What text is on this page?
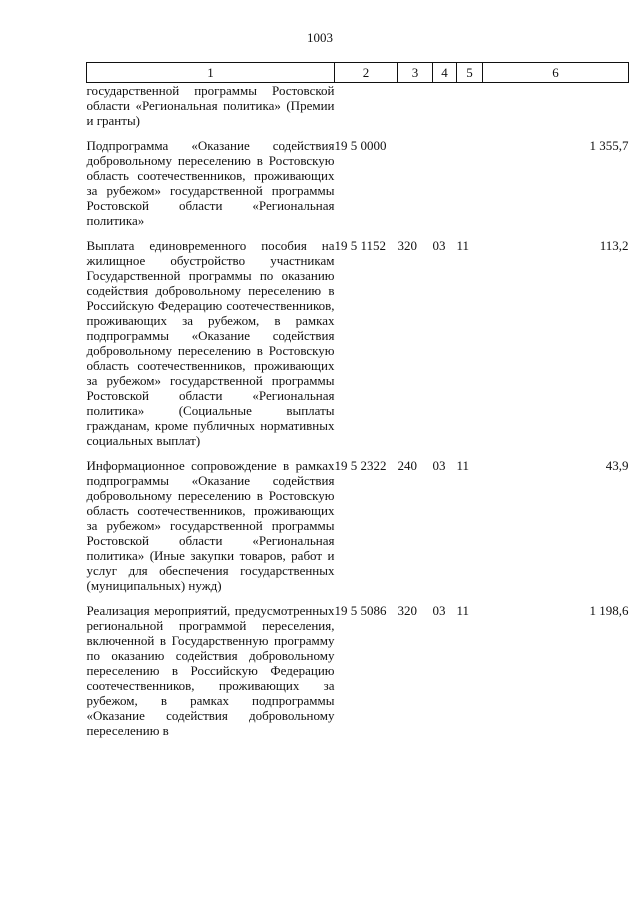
1003
1	2	3	4	5	6
государственной программы Ростовской области «Региональная политика» (Премии и гранты)					
Подпрограмма «Оказание содействия добровольному переселению в Ростовскую область соотечественников, проживающих за рубежом» государственной программы Ростовской области «Региональная политика»	19 5 0000				1 355,7
Выплата единовременного пособия на жилищное обустройство участникам Государственной программы по оказанию содействия добровольному переселению в Российскую Федерацию соотечественников, проживающих за рубежом, в рамках подпрограммы «Оказание содействия добровольному переселению в Ростовскую область соотечественников, проживающих за рубежом» государственной программы Ростовской области «Региональная политика» (Социальные выплаты гражданам, кроме публичных нормативных социальных выплат)	19 5 1152	320	03	11	113,2
Информационное сопровождение в рамках подпрограммы «Оказание содействия добровольному переселению в Ростовскую область соотечественников, проживающих за рубежом» государственной программы Ростовской области «Региональная политика» (Иные закупки товаров, работ и услуг для обеспечения государственных (муниципальных) нужд)	19 5 2322	240	03	11	43,9
Реализация мероприятий, предусмотренных региональной программой переселения, включенной в Государственную программу по оказанию содействия добровольному переселению в Российскую Федерацию соотечественников, проживающих за рубежом, в рамках подпрограммы «Оказание содействия добровольному переселению в	19 5 5086	320	03	11	1 198,6
